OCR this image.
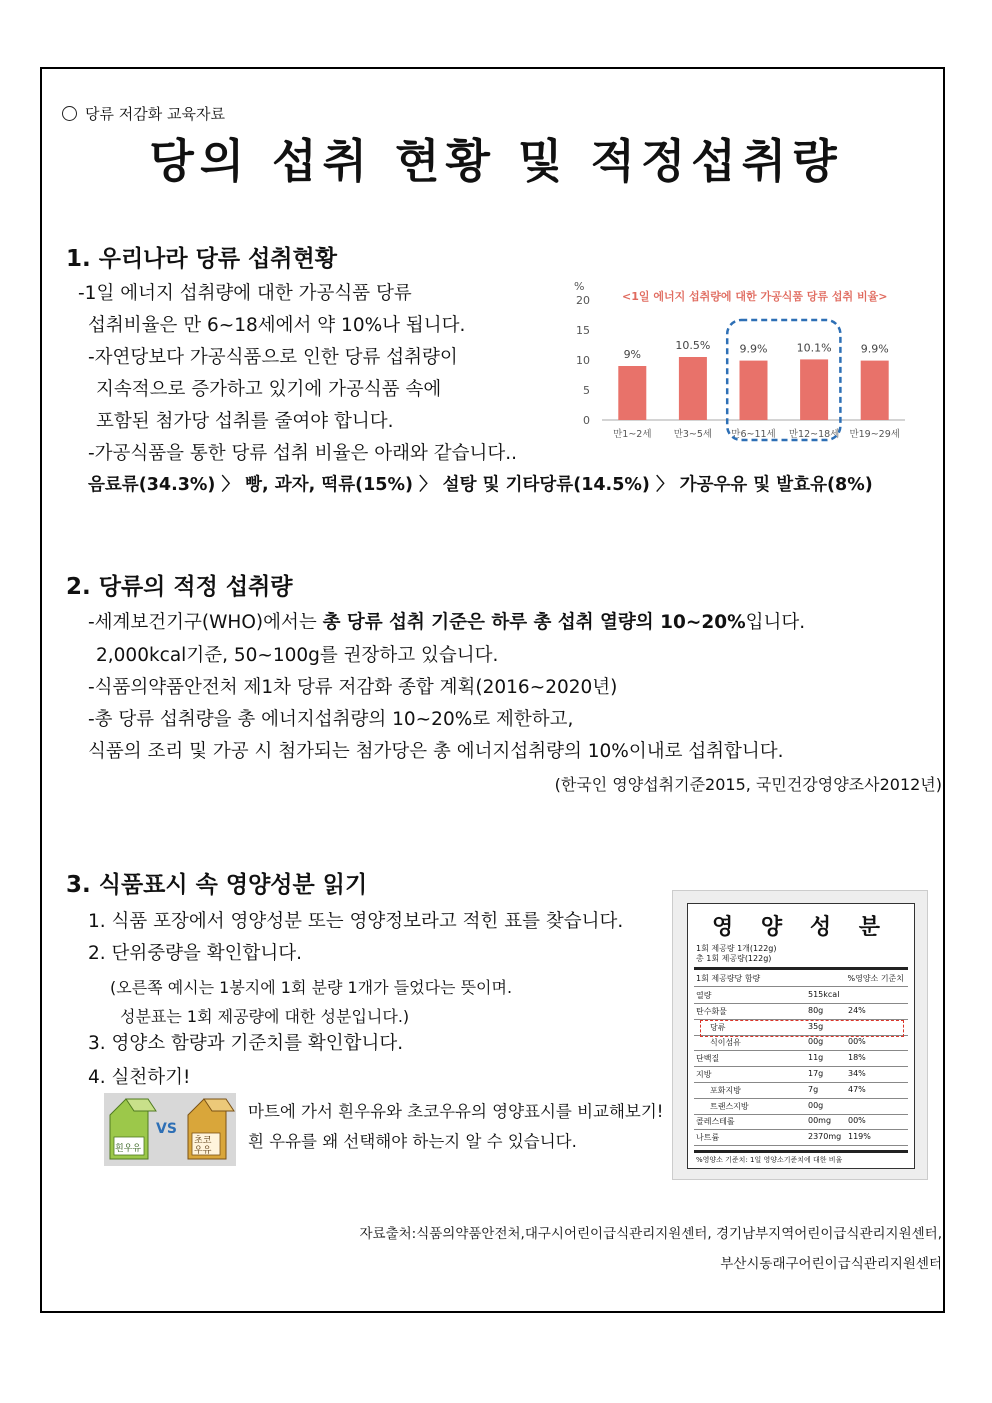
당류 저감화 교육자료
당의 섭취 현황 및 적정섭취량
1. 우리나라 당류 섭취현황
-1일 에너지 섭취량에 대한 가공식품 당류
섭취비율은 만 6~18세에서 약 10%나 됩니다.
-자연당보다 가공식품으로 인한 당류 섭취량이
지속적으로 증가하고 있기에 가공식품 속에
포함된 첨가당 섭취를 줄여야 합니다.
-가공식품을 통한 당류 섭취 비율은 아래와 같습니다..
음료류(34.3%) 〉 빵, 과자, 떡류(15%) 〉 설탕 및 기타당류(14.5%) 〉 가공우유 및 발효유(8%)
%
<1일 에너지 섭취량에 대한 가공식품 당류 섭취 비율>
0
5
10
15
20
9%
만1~2세
10.5%
만3~5세
9.9%
만6~11세
10.1%
만12~18세
9.9%
만19~29세
2. 당류의 적정 섭취량
-세계보건기구(WHO)에서는 총 당류 섭취 기준은 하루 총 섭취 열량의 10~20%입니다.
2,000kcal기준, 50~100g를 권장하고 있습니다.
-식품의약품안전처 제1차 당류 저감화 종합 계획(2016~2020년)
-총 당류 섭취량을 총 에너지섭취량의 10~20%로 제한하고,
식품의 조리 및 가공 시 첨가되는 첨가당은 총 에너지섭취량의 10%이내로 섭취합니다.
(한국인 영양섭취기준2015, 국민건강영양조사2012년)
3. 식품표시 속 영양성분 읽기
1. 식품 포장에서 영양성분 또는 영양정보라고 적힌 표를 찾습니다.
2. 단위중량을 확인합니다.
(오른쪽 예시는 1봉지에 1회 분량 1개가 들었다는 뜻이며.
성분표는 1회 제공량에 대한 성분입니다.)
3. 영양소 함량과 기준치를 확인합니다.
4. 실천하기!
흰우유
VS
초코우유
마트에 가서 흰우유와 초코우유의 영양표시를 비교해보기!
흰 우유를 왜 선택해야 하는지 알 수 있습니다.
영 양 성 분
1회 제공량 1개(122g)
총 1회 제공량(122g)
1회 제공량당 함량	%영양소 기준치
열량	515kcal
탄수화물	80g	24%
당류	35g
식이섬유	00g	00%
단백질	11g	18%
지방	17g	34%
포화지방	7g	47%
트랜스지방	00g
콜레스테롤	00mg 00%
나트륨	2370mg 119%
%영양소 기준치: 1일 영양소기준치에 대한 비율
자료출처:식품의약품안전처,대구시어린이급식관리지원센터, 경기남부지역어린이급식관리지원센터,
부산시동래구어린이급식관리지원센터
